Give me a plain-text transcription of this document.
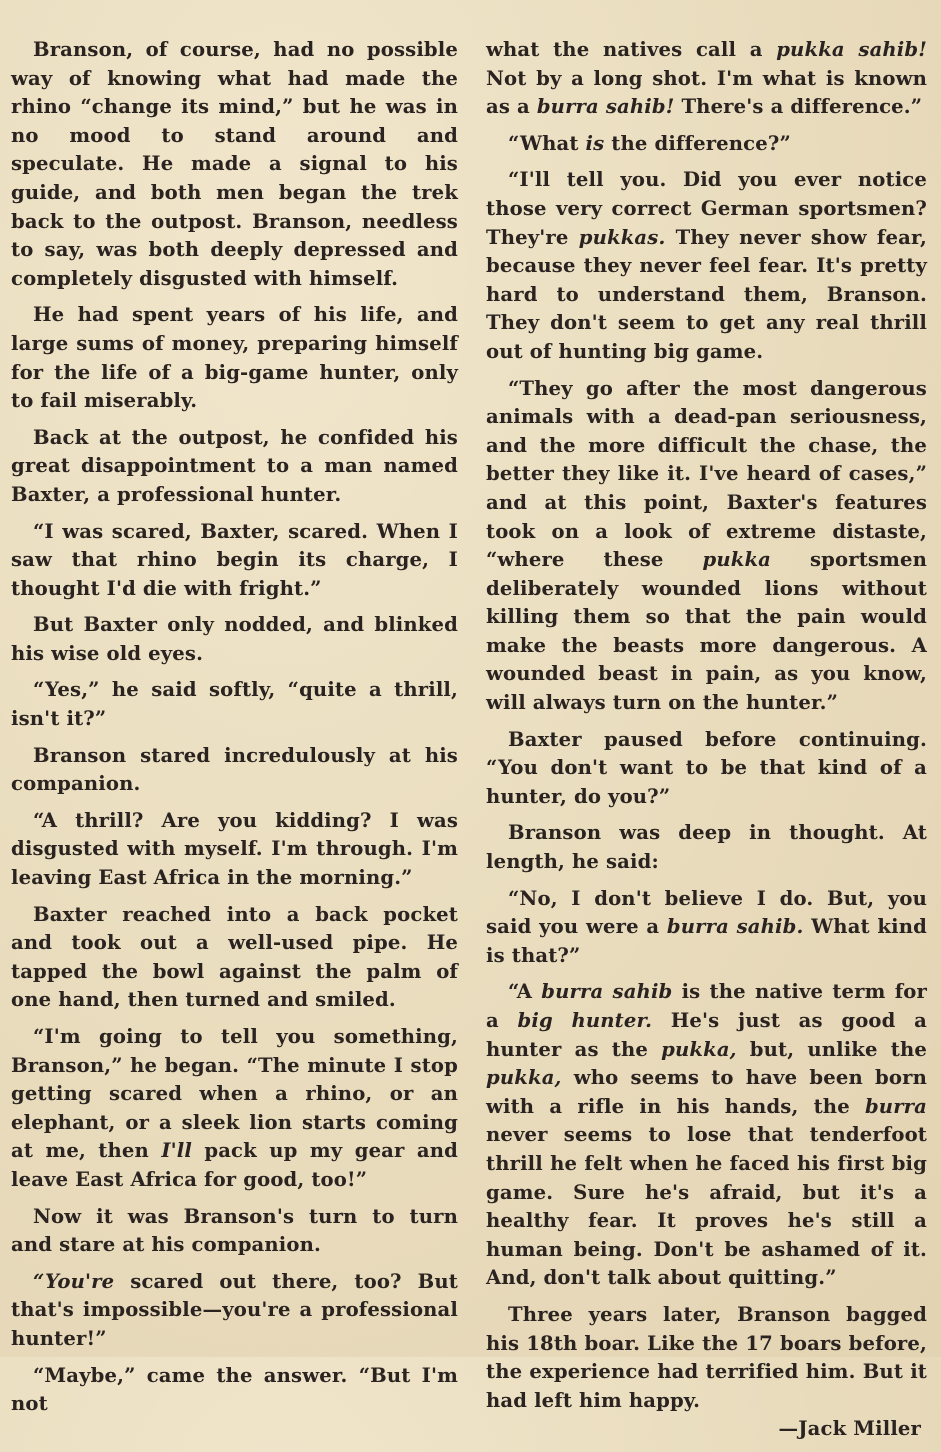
Branson, of course, had no possible way of knowing what had made the rhino “change its mind,” but he was in no mood to stand around and speculate. He made a signal to his guide, and both men began the trek back to the outpost. Branson, needless to say, was both deeply depressed and completely disgusted with himself.

He had spent years of his life, and large sums of money, preparing himself for the life of a big-game hunter, only to fail miserably.

Back at the outpost, he confided his great disappointment to a man named Baxter, a professional hunter.

“I was scared, Baxter, scared. When I saw that rhino begin its charge, I thought I'd die with fright.”

But Baxter only nodded, and blinked his wise old eyes.

“Yes,” he said softly, “quite a thrill, isn't it?”

Branson stared incredulously at his companion.

“A thrill? Are you kidding? I was disgusted with myself. I'm through. I'm leaving East Africa in the morning.”

Baxter reached into a back pocket and took out a well-used pipe. He tapped the bowl against the palm of one hand, then turned and smiled.

“I'm going to tell you something, Branson,” he began. “The minute I stop getting scared when a rhino, or an elephant, or a sleek lion starts coming at me, then I'll pack up my gear and leave East Africa for good, too!”

Now it was Branson's turn to turn and stare at his companion.

“You're scared out there, too? But that's impossible—you're a professional hunter!”

“Maybe,” came the answer. “But I'm not

what the natives call a pukka sahib! Not by a long shot. I'm what is known as a burra sahib! There's a difference.”

“What is the difference?”

“I'll tell you. Did you ever notice those very correct German sportsmen? They're pukkas. They never show fear, because they never feel fear. It's pretty hard to understand them, Branson. They don't seem to get any real thrill out of hunting big game.

“They go after the most dangerous animals with a dead-pan seriousness, and the more difficult the chase, the better they like it. I've heard of cases,” and at this point, Baxter's features took on a look of extreme distaste, “where these pukka sportsmen deliberately wounded lions without killing them so that the pain would make the beasts more dangerous. A wounded beast in pain, as you know, will always turn on the hunter.”

Baxter paused before continuing. “You don't want to be that kind of a hunter, do you?”

Branson was deep in thought. At length, he said:

“No, I don't believe I do. But, you said you were a burra sahib. What kind is that?”

“A burra sahib is the native term for a big hunter. He's just as good a hunter as the pukka, but, unlike the pukka, who seems to have been born with a rifle in his hands, the burra never seems to lose that tenderfoot thrill he felt when he faced his first big game. Sure he's afraid, but it's a healthy fear. It proves he's still a human being. Don't be ashamed of it. And, don't talk about quitting.”

Three years later, Branson bagged his 18th boar. Like the 17 boars before, the experience had terrified him. But it had left him happy.

—Jack Miller
